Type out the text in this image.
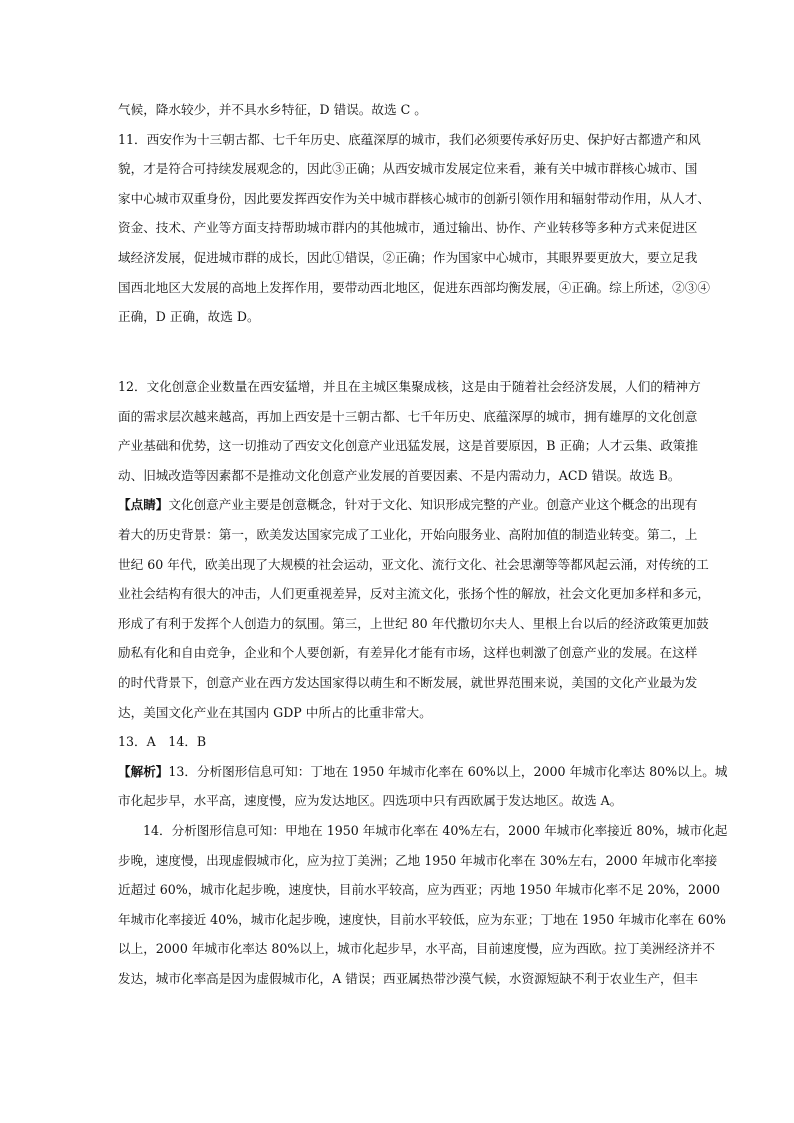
气候，降水较少，并不具水乡特征，D 错误。故选 C 。
11．西安作为十三朝古都、七千年历史、底蕴深厚的城市，我们必须要传承好历史、保护好古都遗产和风
貌，才是符合可持续发展观念的，因此③正确；从西安城市发展定位来看，兼有关中城市群核心城市、国
家中心城市双重身份，因此要发挥西安作为关中城市群核心城市的创新引领作用和辐射带动作用，从人才、
资金、技术、产业等方面支持帮助城市群内的其他城市，通过输出、协作、产业转移等多种方式来促进区
域经济发展，促进城市群的成长，因此①错误，②正确；作为国家中心城市，其眼界要更放大，要立足我
国西北地区大发展的高地上发挥作用，要带动西北地区，促进东西部均衡发展，④正确。综上所述，②③④
正确，D 正确，故选 D。
12．文化创意企业数量在西安猛增，并且在主城区集聚成核，这是由于随着社会经济发展，人们的精神方
面的需求层次越来越高，再加上西安是十三朝古都、七千年历史、底蕴深厚的城市，拥有雄厚的文化创意
产业基础和优势，这一切推动了西安文化创意产业迅猛发展，这是首要原因，B 正确；人才云集、政策推
动、旧城改造等因素都不是推动文化创意产业发展的首要因素、不是内需动力，ACD 错误。故选 B。
【点睛】文化创意产业主要是创意概念，针对于文化、知识形成完整的产业。创意产业这个概念的出现有
着大的历史背景：第一，欧美发达国家完成了工业化，开始向服务业、高附加值的制造业转变。第二，上
世纪 60 年代，欧美出现了大规模的社会运动，亚文化、流行文化、社会思潮等等都风起云涌，对传统的工
业社会结构有很大的冲击，人们更重视差异，反对主流文化，张扬个性的解放，社会文化更加多样和多元，
形成了有利于发挥个人创造力的氛围。第三，上世纪 80 年代撒切尔夫人、里根上台以后的经济政策更加鼓
励私有化和自由竞争，企业和个人要创新，有差异化才能有市场，这样也刺激了创意产业的发展。在这样
的时代背景下，创意产业在西方发达国家得以萌生和不断发展，就世界范围来说，美国的文化产业最为发
达，美国文化产业在其国内 GDP 中所占的比重非常大。
13．A　14．B
【解析】13．分析图形信息可知：丁地在 1950 年城市化率在 60%以上，2000 年城市化率达 80%以上。城
市化起步早，水平高，速度慢，应为发达地区。四选项中只有西欧属于发达地区。故选 A。
14．分析图形信息可知：甲地在 1950 年城市化率在 40%左右，2000 年城市化率接近 80%，城市化起
步晚，速度慢，出现虚假城市化，应为拉丁美洲；乙地 1950 年城市化率在 30%左右，2000 年城市化率接
近超过 60%，城市化起步晚，速度快，目前水平较高，应为西亚；丙地 1950 年城市化率不足 20%，2000
年城市化率接近 40%，城市化起步晚，速度快，目前水平较低，应为东亚；丁地在 1950 年城市化率在 60%
以上，2000 年城市化率达 80%以上，城市化起步早，水平高，目前速度慢，应为西欧。拉丁美洲经济并不
发达，城市化率高是因为虚假城市化，A 错误；西亚属热带沙漠气候，水资源短缺不利于农业生产，但丰
